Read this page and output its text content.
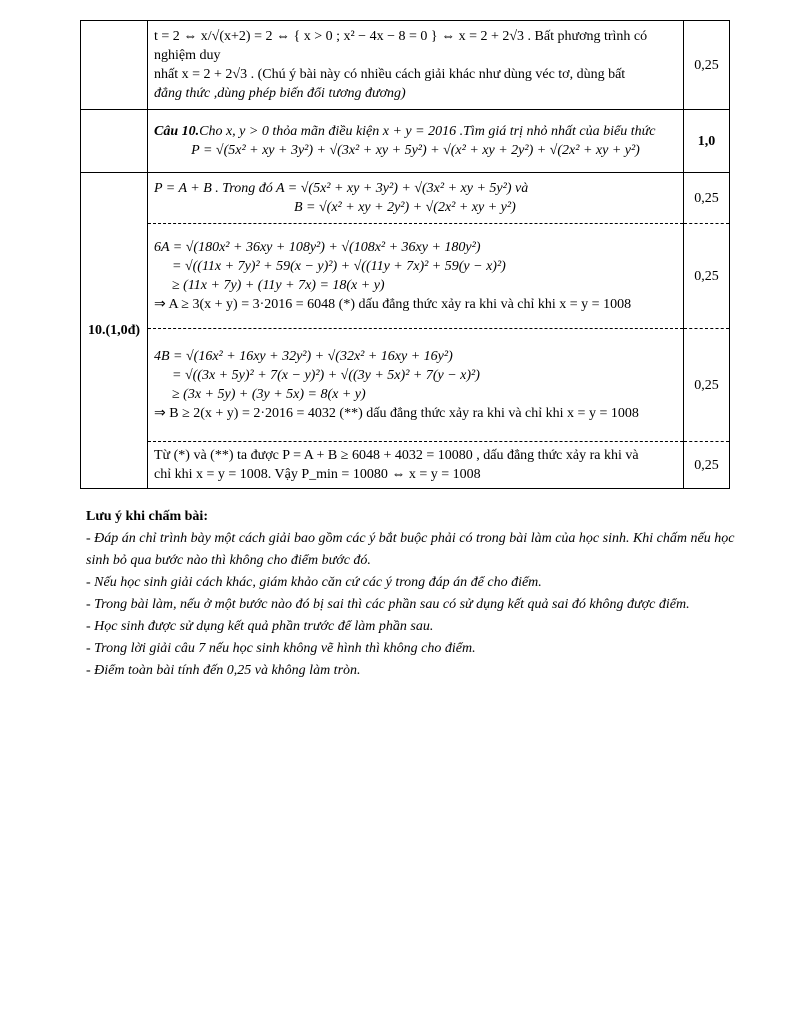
	t = 2 ⇔ x/√(x+2) = 2 ⇔ { x > 0 ; x² − 4x − 8 = 0 } ⇔ x = 2 + 2√3 . Bất phương trình có nghiệm duy
nhất x = 2 + 2√3 . (Chú ý bài này có nhiều cách giải khác như dùng véc tơ, dùng bất
đẳng thức ,dùng phép biến đổi tương đương)	0,25
	Câu 10.Cho x, y > 0 thỏa mãn điều kiện x + y = 2016 .Tìm giá trị nhỏ nhất của biểu thức

P = √(5x² + xy + 3y²) + √(3x² + xy + 5y²) + √(x² + xy + 2y²) + √(2x² + xy + y²)	1,0
10.(1,0đ)	P = A + B . Trong đó A = √(5x² + xy + 3y²) + √(3x² + xy + 5y²) và
B = √(x² + xy + 2y²) + √(2x² + xy + y²)	0,25
	6A = √(180x² + 36xy + 108y²) + √(108x² + 36xy + 180y²)

= √((11x + 7y)² + 59(x − y)²) + √((11y + 7x)² + 59(y − x)²)
≥ (11x + 7y) + (11y + 7x) = 18(x + y)
⇒ A ≥ 3(x + y) = 3·2016 = 6048 (*) dấu đẳng thức xảy ra khi và chỉ khi x = y = 1008	0,25
	4B = √(16x² + 16xy + 32y²) + √(32x² + 16xy + 16y²)

= √((3x + 5y)² + 7(x − y)²) + √((3y + 5x)² + 7(y − x)²)
≥ (3x + 5y) + (3y + 5x) = 8(x + y)
⇒ B ≥ 2(x + y) = 2·2016 = 4032 (**) dấu đẳng thức xảy ra khi và chỉ khi x = y = 1008	0,25
	Từ (*) và (**) ta được P = A + B ≥ 6048 + 4032 = 10080 , dấu đẳng thức xảy ra khi và
chỉ khi x = y = 1008. Vậy P_min = 10080 ⇔ x = y = 1008	0,25
Lưu ý khi chấm bài:
- Đáp án chỉ trình bày một cách giải bao gồm các ý bắt buộc phải có trong bài làm của học sinh. Khi chấm nếu học sinh bỏ qua bước nào thì không cho điểm bước đó.
- Nếu học sinh giải cách khác, giám khảo căn cứ các ý trong đáp án để cho điểm.
- Trong bài làm, nếu ở một bước nào đó bị sai thì các phần sau có sử dụng kết quả sai đó không được điểm.
- Học sinh được sử dụng kết quả phần trước để làm phần sau.
- Trong lời giải câu 7 nếu học sinh không vẽ hình thì không cho điểm.
- Điểm toàn bài tính đến 0,25 và không làm tròn.
